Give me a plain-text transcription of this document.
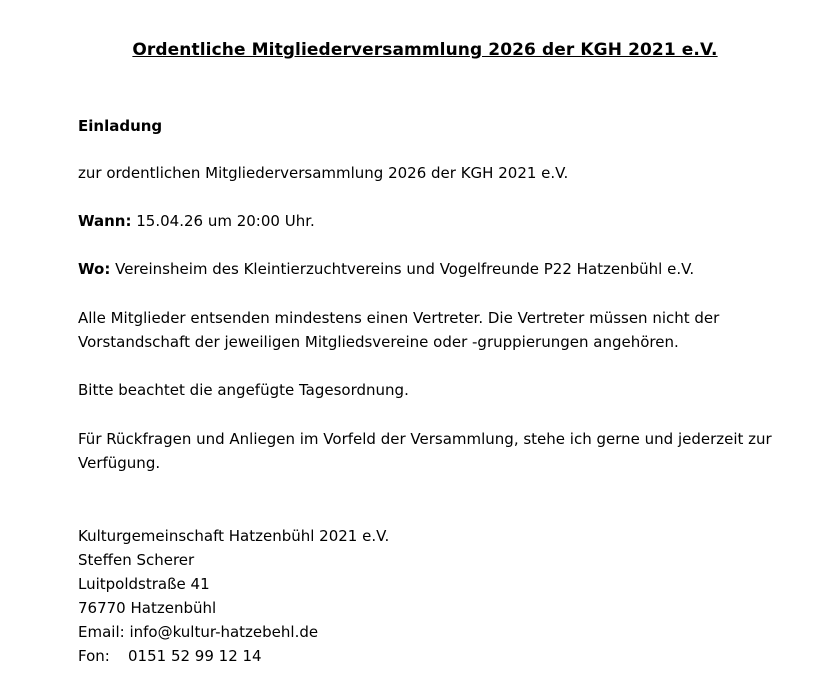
Ordentliche Mitgliederversammlung 2026 der KGH 2021 e.V.
Einladung
zur ordentlichen Mitgliederversammlung 2026 der KGH 2021 e.V.
Wann: 15.04.26 um 20:00 Uhr.
Wo: Vereinsheim des Kleintierzuchtvereins und Vogelfreunde P22 Hatzenbühl e.V.
Alle Mitglieder entsenden mindestens einen Vertreter. Die Vertreter müssen nicht der
Vorstandschaft der jeweiligen Mitgliedsvereine oder -gruppierungen angehören.
Bitte beachtet die angefügte Tagesordnung.
Für Rückfragen und Anliegen im Vorfeld der Versammlung, stehe ich gerne und jederzeit zur
Verfügung.
Kulturgemeinschaft Hatzenbühl 2021 e.V.
Steffen Scherer
Luitpoldstraße 41
76770 Hatzenbühl
Email: info@kultur-hatzebehl.de
Fon: 0151 52 99 12 14
